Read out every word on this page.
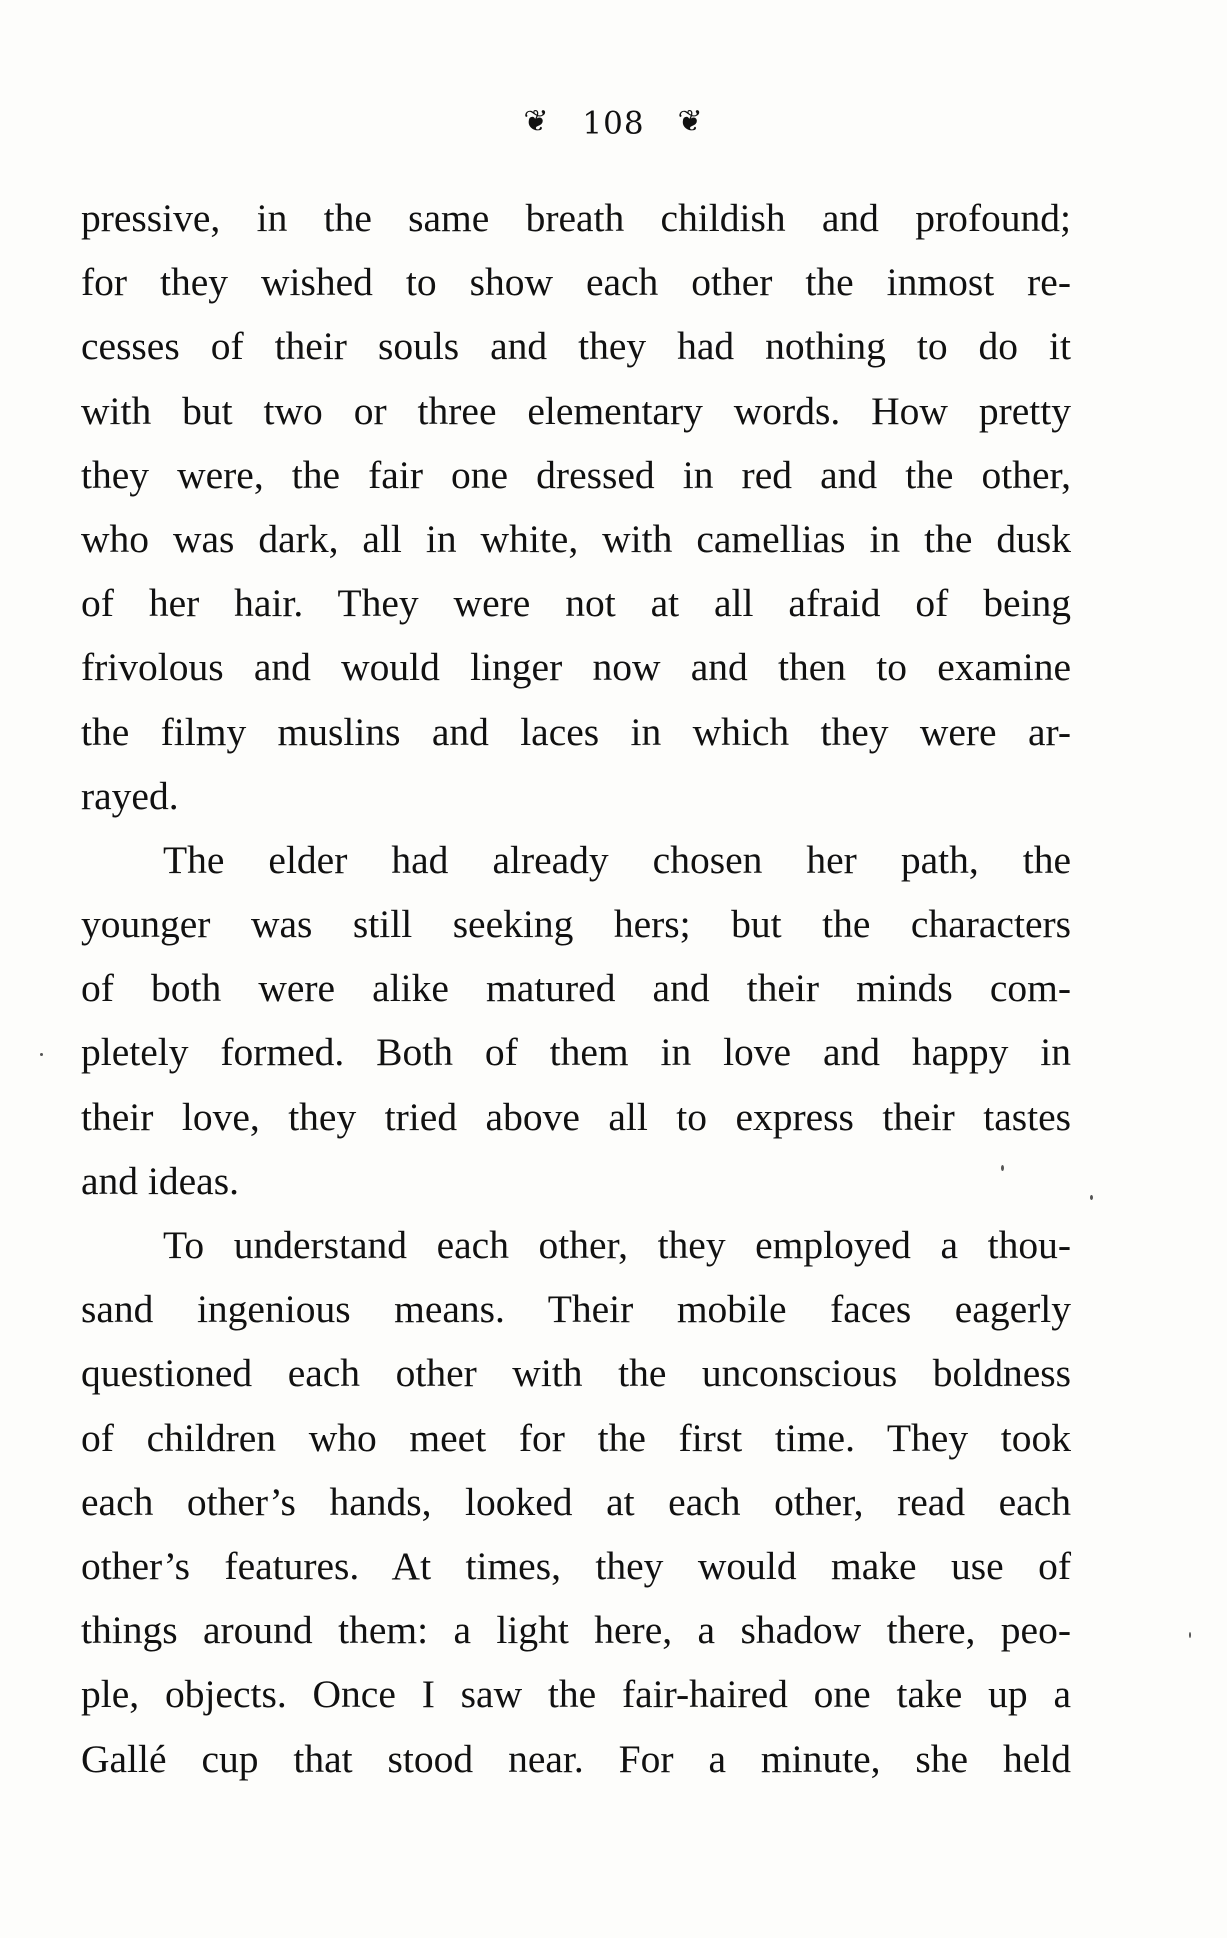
❦ 108 ❦
pressive, in the same breath childish and profound;
for they wished to show each other the inmost re-
cesses of their souls and they had nothing to do it
with but two or three elementary words. How pretty
they were, the fair one dressed in red and the other,
who was dark, all in white, with camellias in the dusk
of her hair. They were not at all afraid of being
frivolous and would linger now and then to examine
the filmy muslins and laces in which they were ar-
rayed.
The elder had already chosen her path, the
younger was still seeking hers; but the characters
of both were alike matured and their minds com-
pletely formed. Both of them in love and happy in
their love, they tried above all to express their tastes
and ideas.
To understand each other, they employed a thou-
sand ingenious means. Their mobile faces eagerly
questioned each other with the unconscious boldness
of children who meet for the first time. They took
each other’s hands, looked at each other, read each
other’s features. At times, they would make use of
things around them: a light here, a shadow there, peo-
ple, objects. Once I saw the fair-haired one take up a
Gallé cup that stood near. For a minute, she held
